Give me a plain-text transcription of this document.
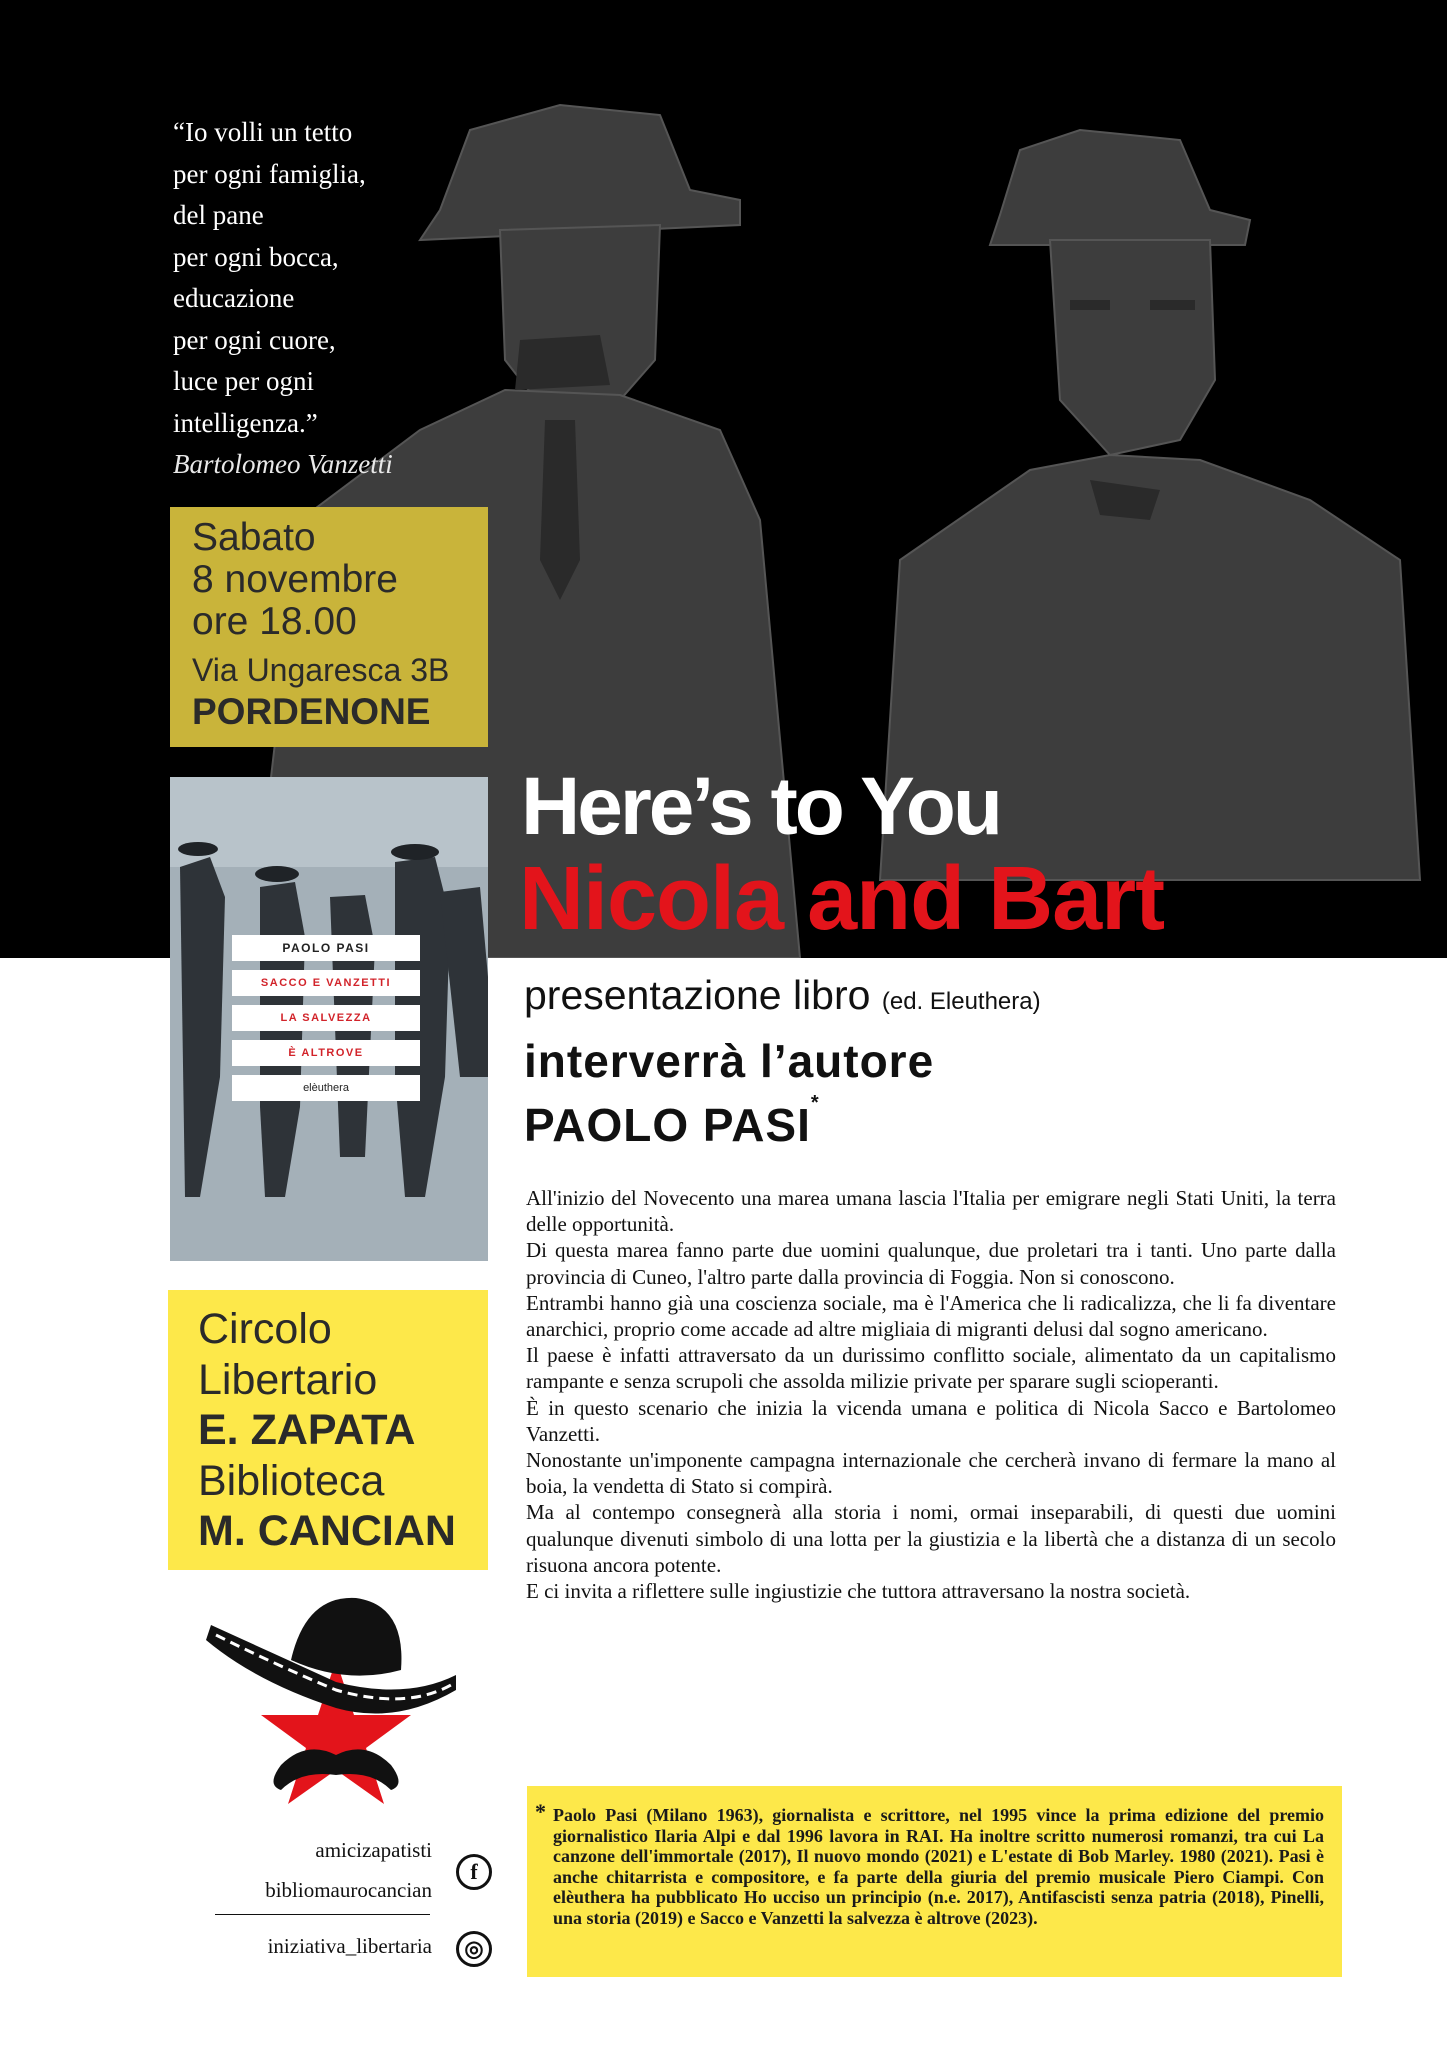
“Io volli un tetto
per ogni famiglia,
del pane
per ogni bocca,
educazione
per ogni cuore,
luce per ogni
intelligenza.”
Bartolomeo Vanzetti
Sabato
8 novembre
ore 18.00
Via Ungaresca 3B
PORDENONE
PAOLO PASI
SACCO E VANZETTI
LA SALVEZZA
È ALTROVE
elèuthera
Here’s to You
Nicola and Bart
presentazione libro (ed. Eleuthera)
interverrà l’autore
PAOLO PASI*

All'inizio del Novecento una marea umana lascia l'Italia per emigrare negli Stati Uniti, la terra delle opportunità.

Di questa marea fanno parte due uomini qualunque, due proletari tra i tanti. Uno parte dalla provincia di Cuneo, l'altro parte dalla provincia di Foggia. Non si conoscono.

Entrambi hanno già una coscienza sociale, ma è l'America che li radicalizza, che li fa diventare anarchici, proprio come accade ad altre migliaia di migranti delusi dal sogno americano.

Il paese è infatti attraversato da un durissimo conflitto sociale, alimentato da un capitalismo rampante e senza scrupoli che assolda milizie private per sparare sugli scioperanti.

È in questo scenario che inizia la vicenda umana e politica di Nicola Sacco e Bartolomeo Vanzetti.

Nonostante un'imponente campagna internazionale che cercherà invano di fermare la mano al boia, la vendetta di Stato si compirà.

Ma al contempo consegnerà alla storia i nomi, ormai inseparabili, di questi due uomini qualunque divenuti simbolo di una lotta per la giustizia e la libertà che a distanza di un secolo risuona ancora potente.

E ci invita a riflettere sulle ingiustizie che tuttora attraversano la nostra società.

Circolo
Libertario
E. ZAPATA
Biblioteca
M. CANCIAN
amicizapatisti
f
bibliomaurocancian
iniziativa_libertaria	◎
* Paolo Pasi (Milano 1963), giornalista e scrittore, nel 1995 vince la prima edizione del premio giornalistico Ilaria Alpi e dal 1996 lavora in RAI. Ha inoltre scritto numerosi romanzi, tra cui La canzone dell'immortale (2017), Il nuovo mondo (2021) e L'estate di Bob Marley. 1980 (2021). Pasi è anche chitarrista e compositore, e fa parte della giuria del premio musicale Piero Ciampi. Con elèuthera ha pubblicato Ho ucciso un principio (n.e. 2017), Antifascisti senza patria (2018), Pinelli, una storia (2019) e Sacco e Vanzetti la salvezza è altrove (2023).
